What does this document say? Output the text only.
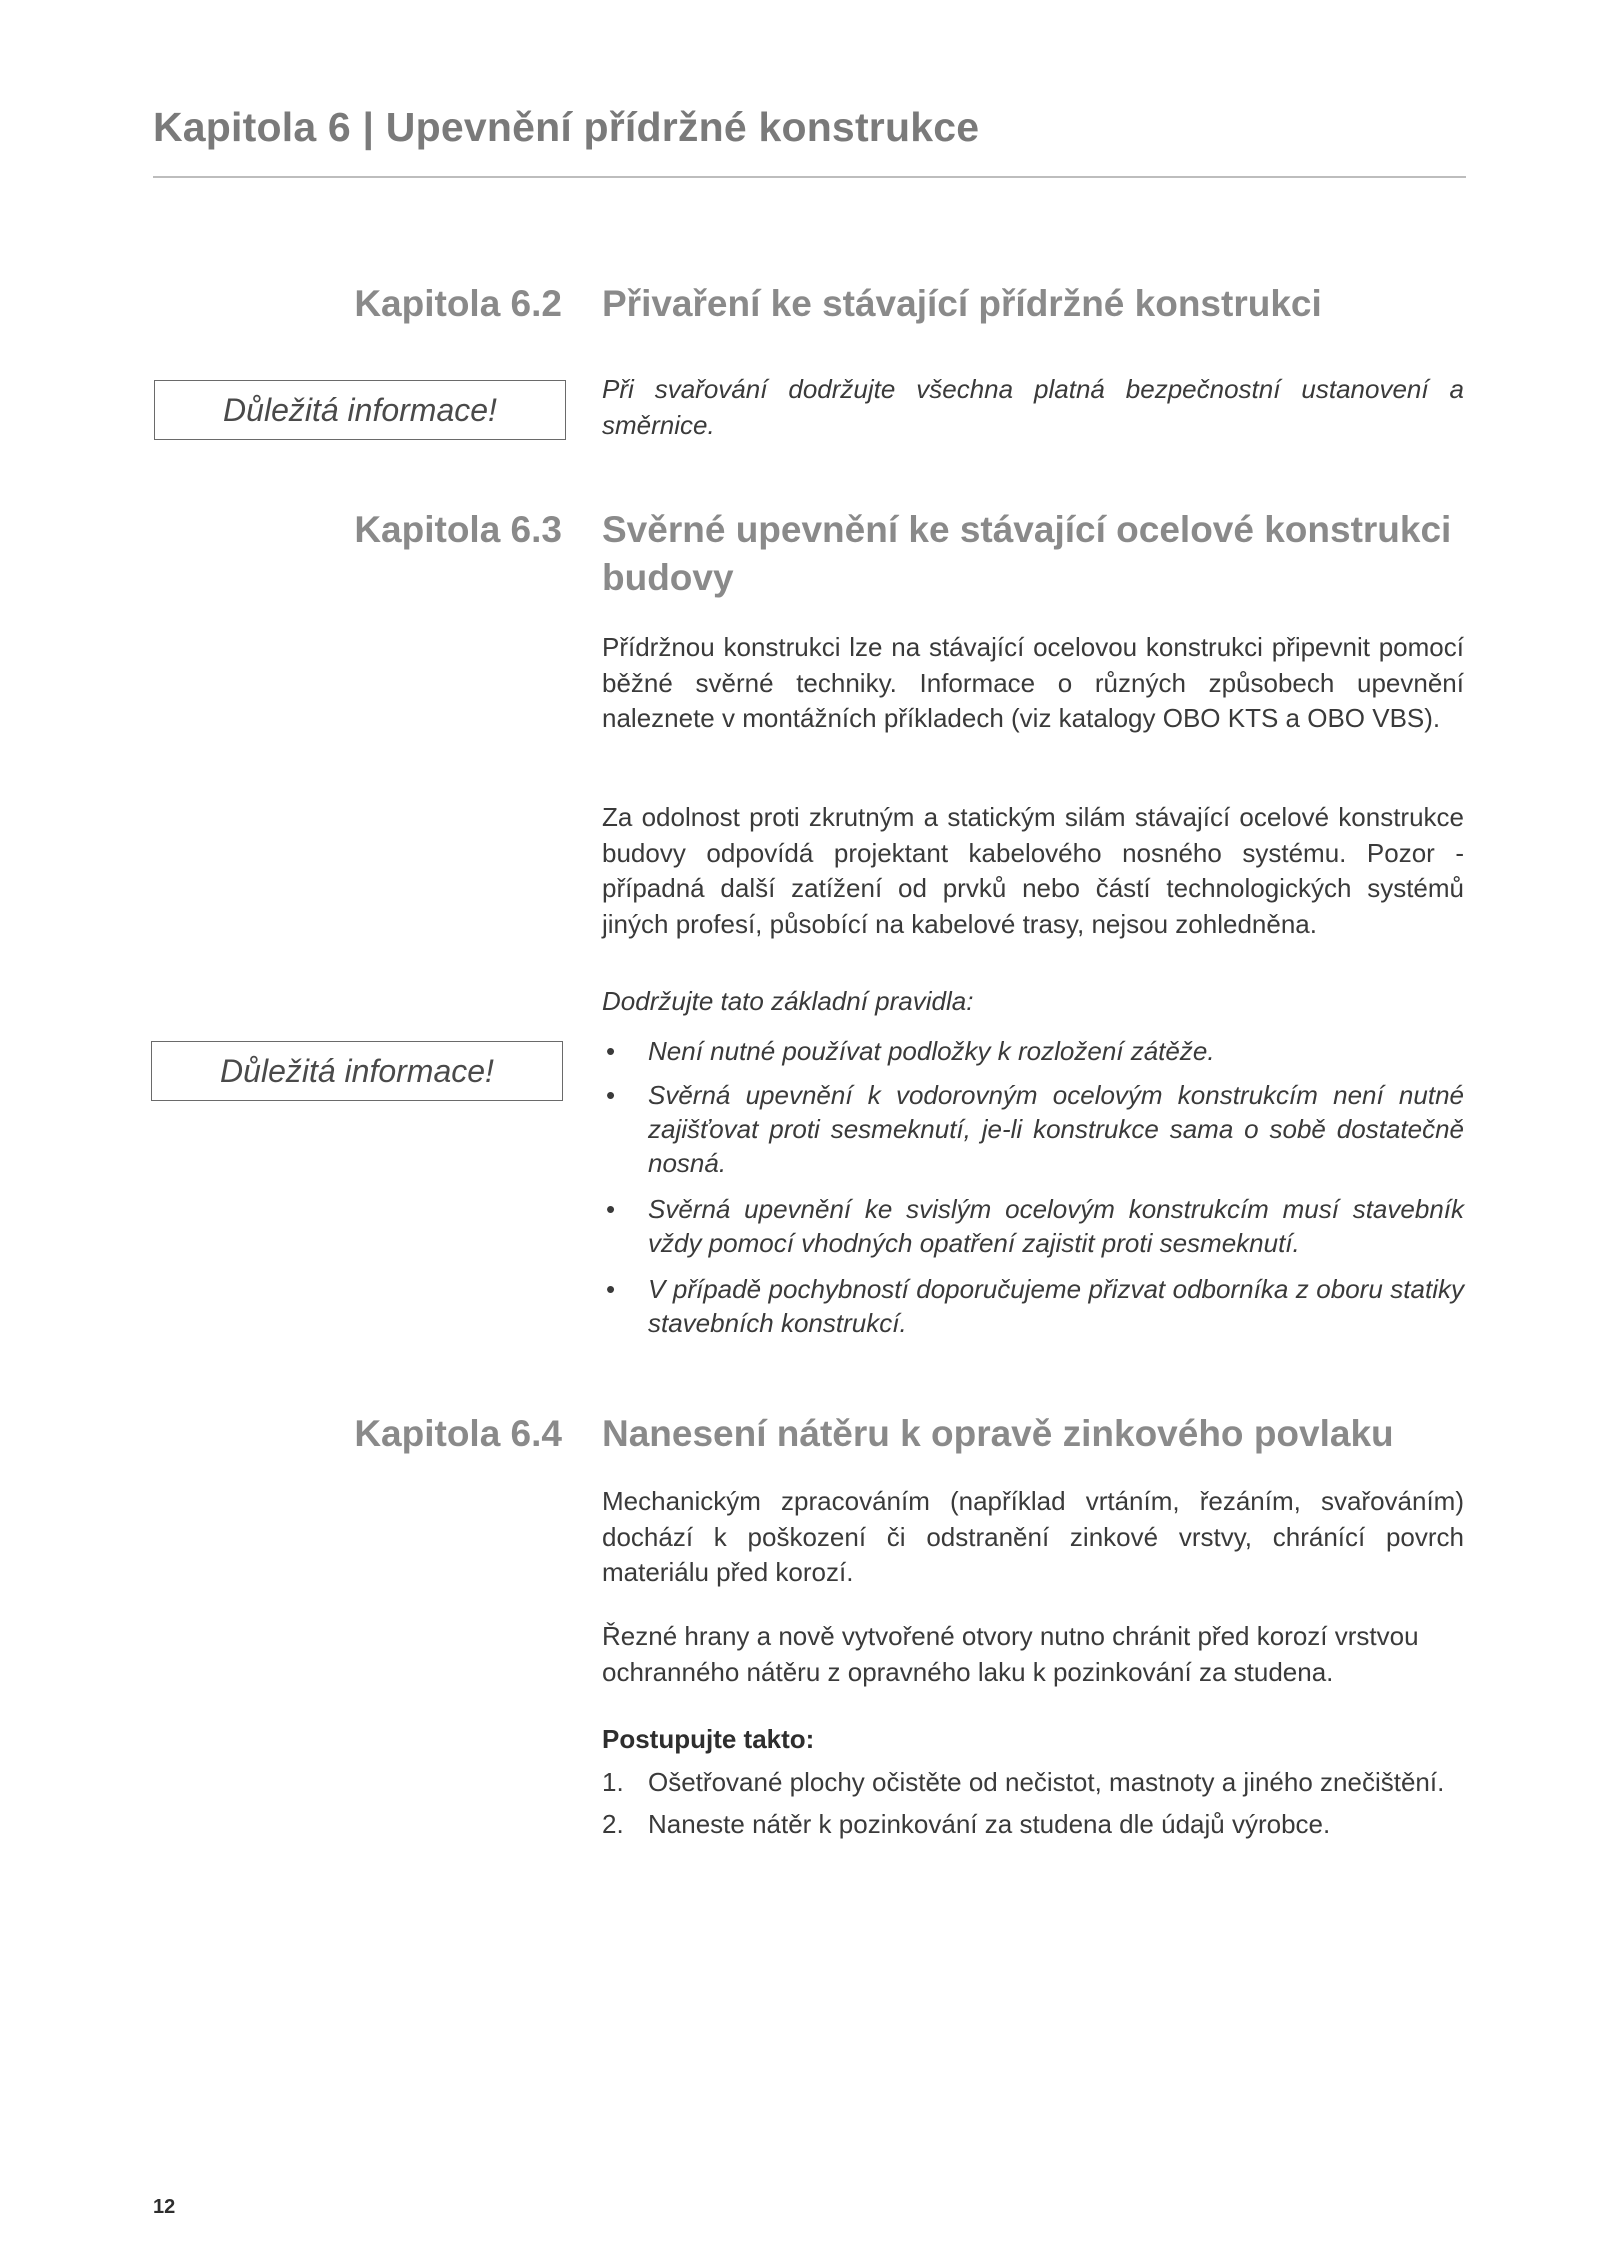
Kapitola 6 | Upevnění přídržné konstrukce
Kapitola 6.2 Přivaření ke stávající přídržné konstrukci
Důležitá informace!
Při svařování dodržujte všechna platná bezpečnostní ustanovení a směrnice.
Kapitola 6.3 Svěrné upevnění ke stávající ocelové konstrukci budovy
Přídržnou konstrukci lze na stávající ocelovou konstrukci připevnit pomocí běžné svěrné techniky. Informace o různých způsobech upevnění naleznete v montážních příkladech (viz katalogy OBO KTS a OBO VBS).
Za odolnost proti zkrutným a statickým silám stávající ocelové konstrukce budovy odpovídá projektant kabelového nosného systému. Pozor - případná další zatížení od prvků nebo částí technologických systémů jiných profesí, působící na kabelové trasy, nejsou zohledněna.
Dodržujte tato základní pravidla:
Důležitá informace!
• Není nutné používat podložky k rozložení zátěže.
• Svěrná upevnění k vodorovným ocelovým konstrukcím není nutné zajišťovat proti sesmeknutí, je-li konstrukce sama o sobě dostatečně nosná.
• Svěrná upevnění ke svislým ocelovým konstrukcím musí stavebník vždy pomocí vhodných opatření zajistit proti sesmeknutí.
• V případě pochybností doporučujeme přizvat odborníka z oboru statiky stavebních konstrukcí.
Kapitola 6.4 Nanesení nátěru k opravě zinkového povlaku
Mechanickým zpracováním (například vrtáním, řezáním, svařováním) dochází k poškození či odstranění zinkové vrstvy, chránící povrch materiálu před korozí.
Řezné hrany a nově vytvořené otvory nutno chránit před korozí vrstvou ochranného nátěru z opravného laku k pozinkování za studena.
Postupujte takto:
1. Ošetřované plochy očistěte od nečistot, mastnoty a jiného znečištění.
2. Naneste nátěr k pozinkování za studena dle údajů výrobce.
12
